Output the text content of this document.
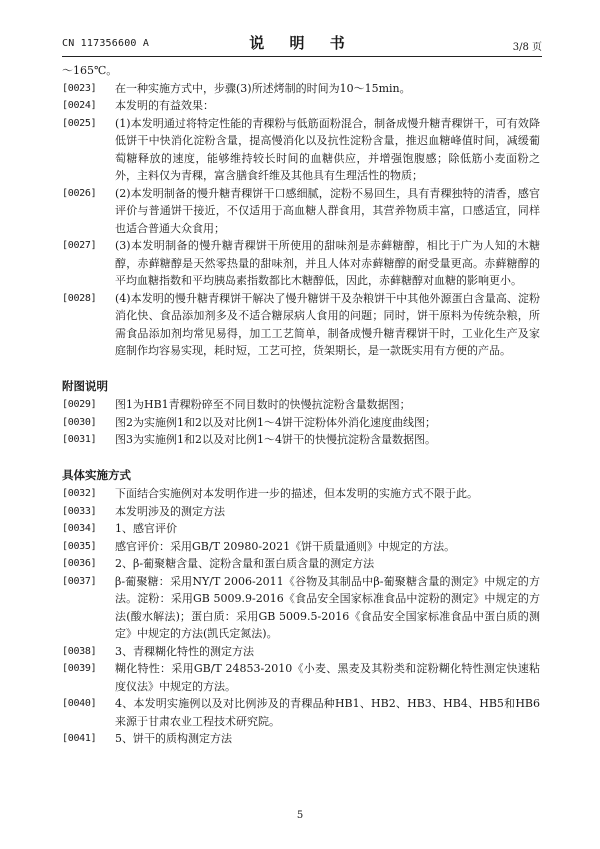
CN 117356600 A	说 明 书	3/8 页
～165℃。
[0023]	在一种实施方式中，步骤(3)所述烤制的时间为10～15min。
[0024]	本发明的有益效果：
[0025]	(1)本发明通过将特定性能的青稞粉与低筋面粉混合，制备成慢升糖青稞饼干，可有效降低饼干中快消化淀粉含量，提高慢消化以及抗性淀粉含量，推迟血糖峰值时间，减缓葡萄糖释放的速度，能够维持较长时间的血糖供应，并增强饱腹感；除低筋小麦面粉之外，主料仅为青稞，富含膳食纤维及其他具有生理活性的物质；
[0026]	(2)本发明制备的慢升糖青稞饼干口感细腻，淀粉不易回生，具有青稞独特的清香，感官评价与普通饼干接近，不仅适用于高血糖人群食用，其营养物质丰富，口感适宜，同样也适合普通大众食用；
[0027]	(3)本发明制备的慢升糖青稞饼干所使用的甜味剂是赤藓糖醇，相比于广为人知的木糖醇，赤藓糖醇是天然零热量的甜味剂，并且人体对赤藓糖醇的耐受量更高。赤藓糖醇的平均血糖指数和平均胰岛素指数都比木糖醇低，因此，赤藓糖醇对血糖的影响更小。
[0028]	(4)本发明的慢升糖青稞饼干解决了慢升糖饼干及杂粮饼干中其他外源蛋白含量高、淀粉消化快、食品添加剂多及不适合糖尿病人食用的问题；同时，饼干原料为传统杂粮，所需食品添加剂均常见易得，加工工艺简单，制备成慢升糖青稞饼干时，工业化生产及家庭制作均容易实现，耗时短，工艺可控，货架期长，是一款既实用有方便的产品。
附图说明
[0029]	图1为HB1青稞粉碎至不同目数时的快慢抗淀粉含量数据图；
[0030]	图2为实施例1和2以及对比例1～4饼干淀粉体外消化速度曲线图；
[0031]	图3为实施例1和2以及对比例1～4饼干的快慢抗淀粉含量数据图。
具体实施方式
[0032]	下面结合实施例对本发明作进一步的描述，但本发明的实施方式不限于此。
[0033]	本发明涉及的测定方法
[0034]	1、感官评价
[0035]	感官评价：采用GB/T 20980-2021《饼干质量通则》中规定的方法。
[0036]	2、β-葡聚糖含量、淀粉含量和蛋白质含量的测定方法
[0037]	β-葡聚糖：采用NY/T 2006-2011《谷物及其制品中β-葡聚糖含量的测定》中规定的方法。淀粉：采用GB 5009.9-2016《食品安全国家标准食品中淀粉的测定》中规定的方法(酸水解法)；蛋白质：采用GB 5009.5-2016《食品安全国家标准食品中蛋白质的测定》中规定的方法(凯氏定氮法)。
[0038]	3、青稞糊化特性的测定方法
[0039]	糊化特性：采用GB/T 24853-2010《小麦、黑麦及其粉类和淀粉糊化特性测定快速粘度仪法》中规定的方法。
[0040]	4、本发明实施例以及对比例涉及的青稞品种HB1、HB2、HB3、HB4、HB5和HB6来源于甘肃农业工程技术研究院。
[0041]	5、饼干的质构测定方法
5
